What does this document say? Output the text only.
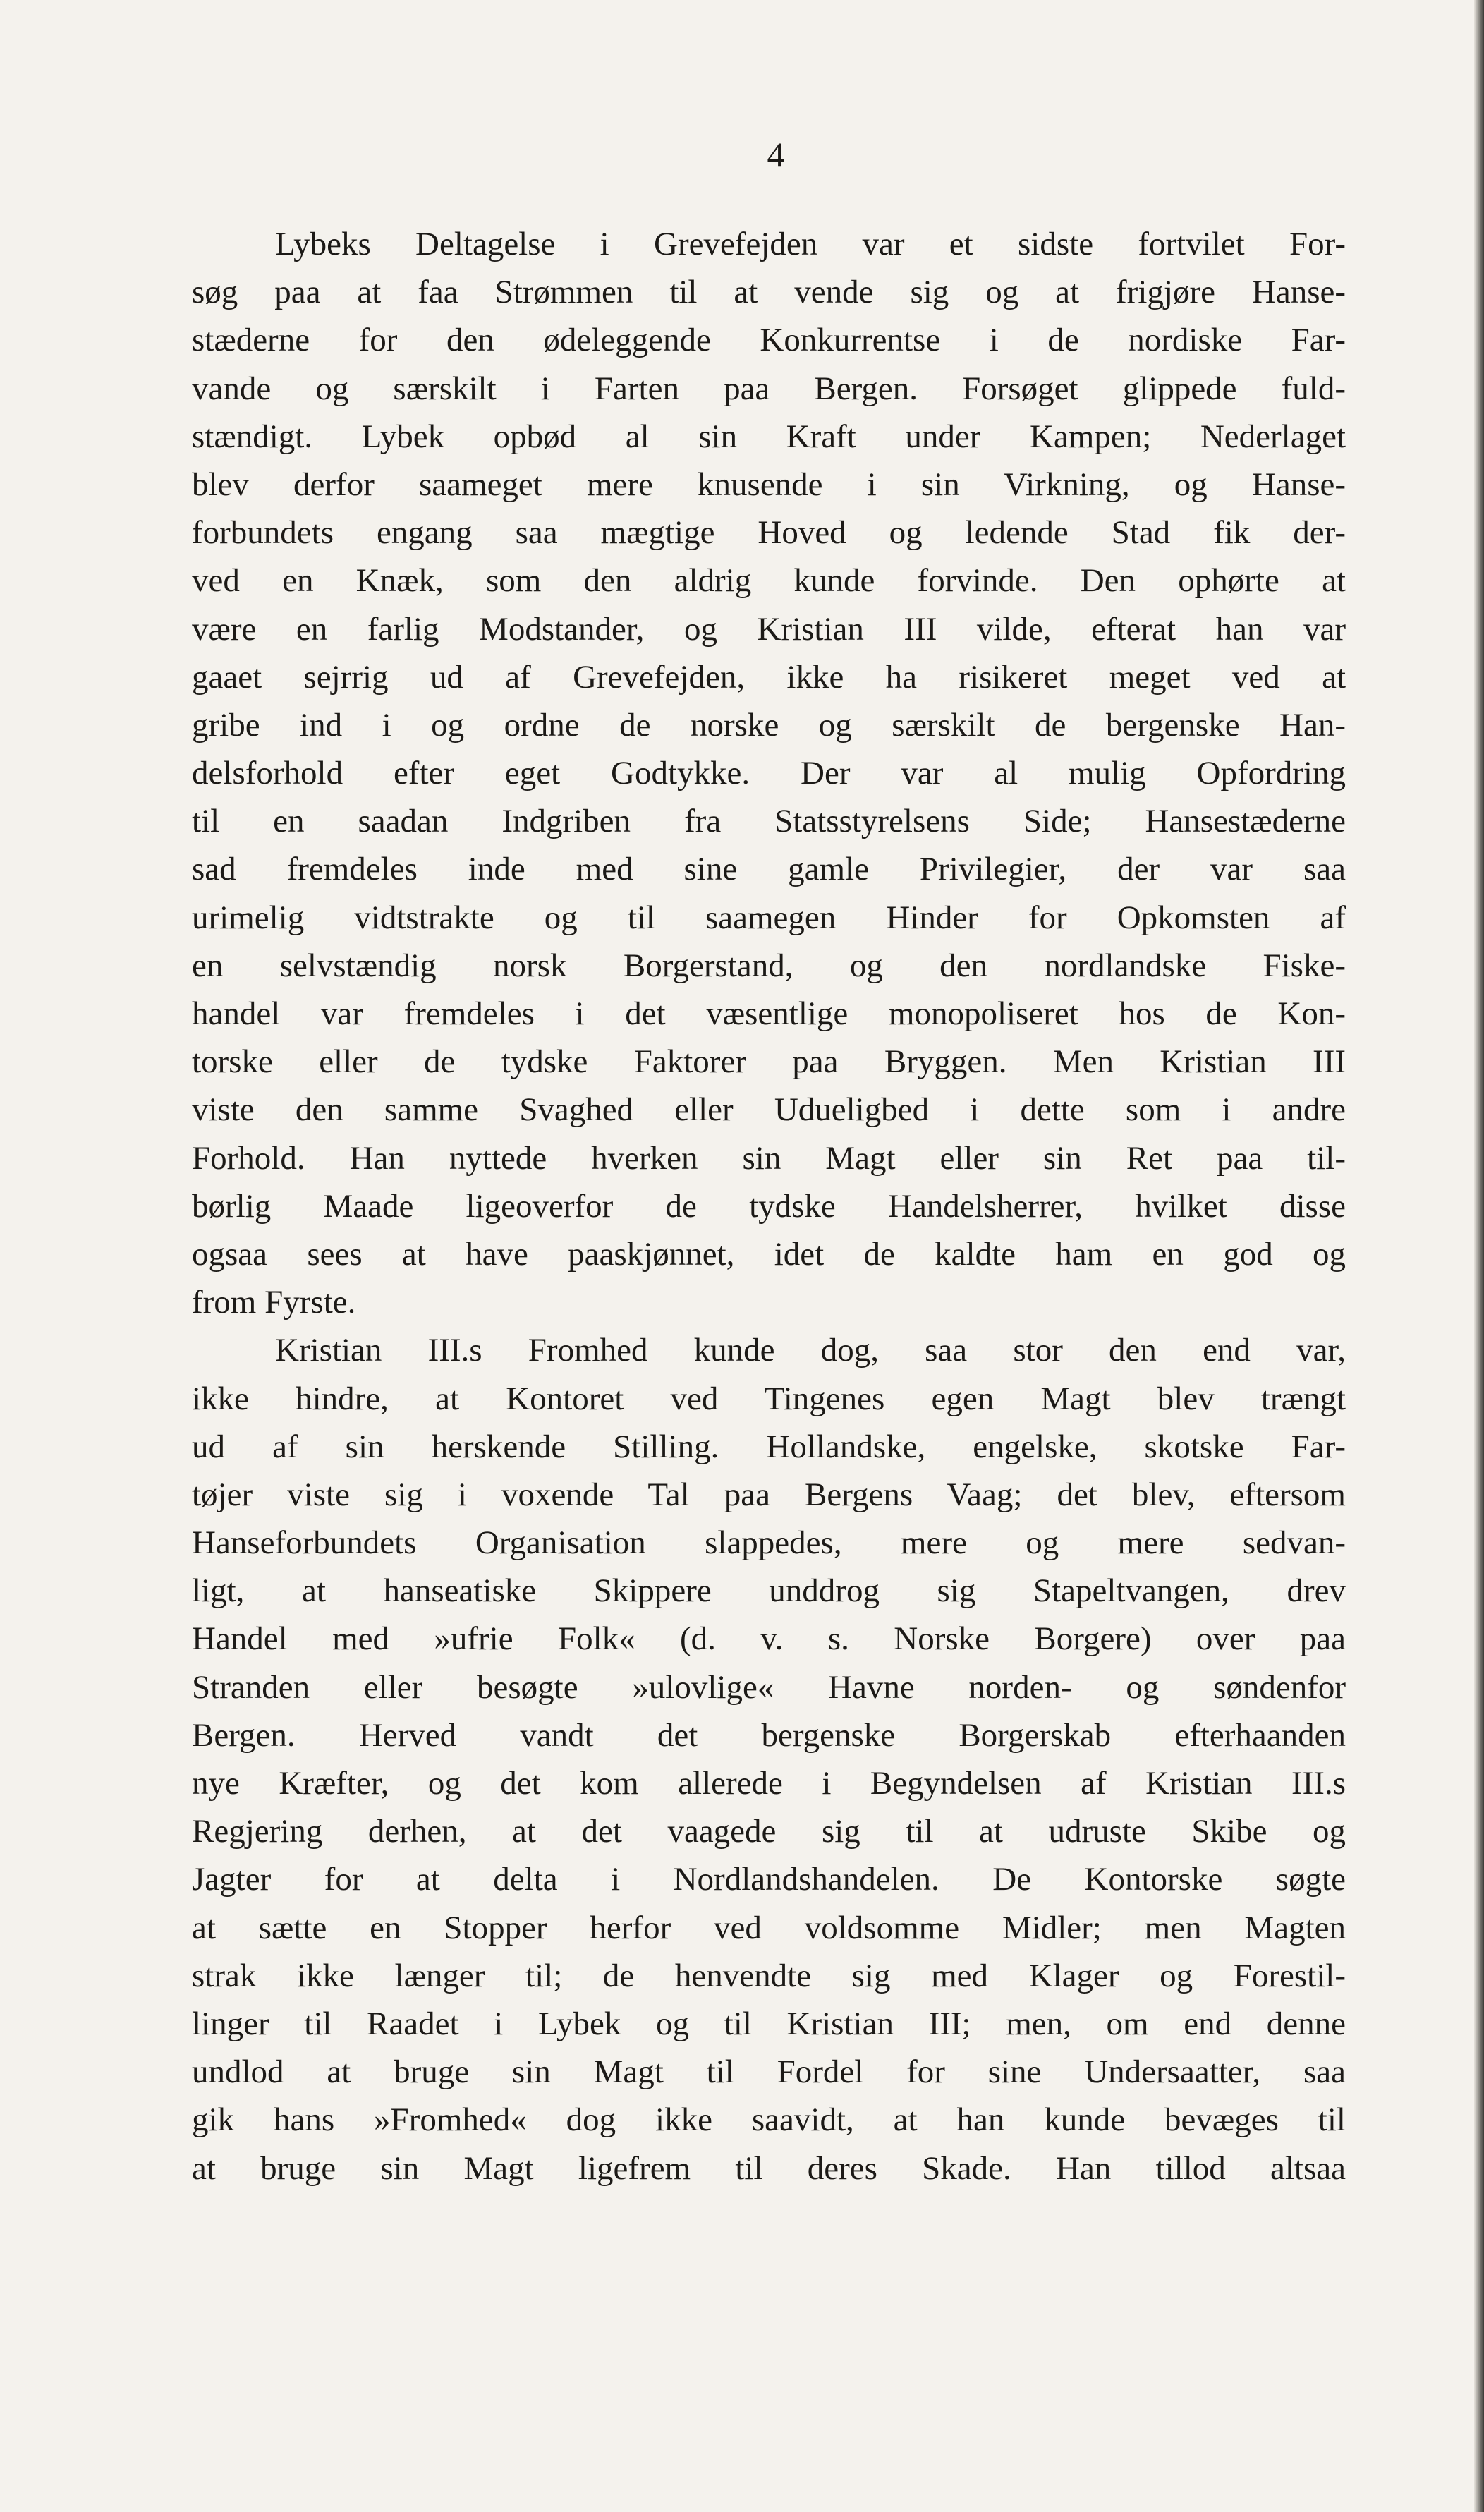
4
Lybeks Deltagelse i Grevefejden var et sidste fortvilet For-
søg paa at faa Strømmen til at vende sig og at frigjøre Hanse-
stæderne for den ødeleggende Konkurrentse i de nordiske Far-
vande og særskilt i Farten paa Bergen. Forsøget glippede fuld-
stændigt. Lybek opbød al sin Kraft under Kampen; Nederlaget
blev derfor saameget mere knusende i sin Virkning, og Hanse-
forbundets engang saa mægtige Hoved og ledende Stad fik der-
ved en Knæk, som den aldrig kunde forvinde. Den ophørte at
være en farlig Modstander, og Kristian III vilde, efterat han var
gaaet sejrrig ud af Grevefejden, ikke ha risikeret meget ved at
gribe ind i og ordne de norske og særskilt de bergenske Han-
delsforhold efter eget Godtykke. Der var al mulig Opfordring
til en saadan Indgriben fra Statsstyrelsens Side; Hansestæderne
sad fremdeles inde med sine gamle Privilegier, der var saa
urimelig vidtstrakte og til saamegen Hinder for Opkomsten af
en selvstændig norsk Borgerstand, og den nordlandske Fiske-
handel var fremdeles i det væsentlige monopoliseret hos de Kon-
torske eller de tydske Faktorer paa Bryggen. Men Kristian III
viste den samme Svaghed eller Udueligbed i dette som i andre
Forhold. Han nyttede hverken sin Magt eller sin Ret paa til-
børlig Maade ligeoverfor de tydske Handelsherrer, hvilket disse
ogsaa sees at have paaskjønnet, idet de kaldte ham en god og
from Fyrste.
Kristian III.s Fromhed kunde dog, saa stor den end var,
ikke hindre, at Kontoret ved Tingenes egen Magt blev trængt
ud af sin herskende Stilling. Hollandske, engelske, skotske Far-
tøjer viste sig i voxende Tal paa Bergens Vaag; det blev, eftersom
Hanseforbundets Organisation slappedes, mere og mere sedvan-
ligt, at hanseatiske Skippere unddrog sig Stapeltvangen, drev
Handel med »ufrie Folk« (d. v. s. Norske Borgere) over paa
Stranden eller besøgte »ulovlige« Havne norden- og søndenfor
Bergen. Herved vandt det bergenske Borgerskab efterhaanden
nye Kræfter, og det kom allerede i Begyndelsen af Kristian III.s
Regjering derhen, at det vaagede sig til at udruste Skibe og
Jagter for at delta i Nordlandshandelen. De Kontorske søgte
at sætte en Stopper herfor ved voldsomme Midler; men Magten
strak ikke længer til; de henvendte sig med Klager og Forestil-
linger til Raadet i Lybek og til Kristian III; men, om end denne
undlod at bruge sin Magt til Fordel for sine Undersaatter, saa
gik hans »Fromhed« dog ikke saavidt, at han kunde bevæges til
at bruge sin Magt ligefrem til deres Skade. Han tillod altsaa
